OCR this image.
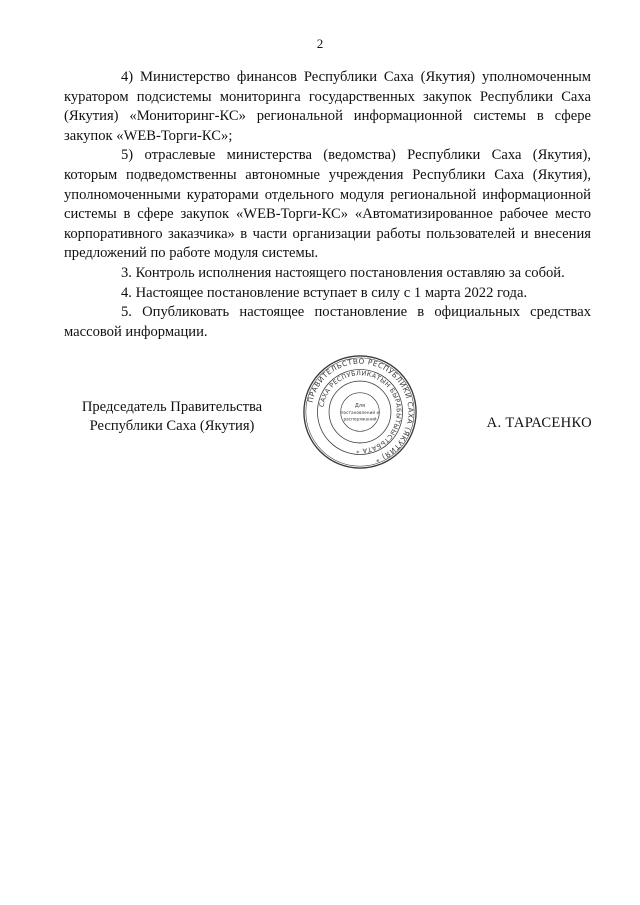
2

4) Министерство финансов Республики Саха (Якутия) уполномоченным куратором подсистемы мониторинга государственных закупок Республики Саха (Якутия) «Мониторинг-КС» региональной информационной системы в сфере закупок «WEB-Торги-КС»;

5) отраслевые министерства (ведомства) Республики Саха (Якутия), которым подведомственны автономные учреждения Республики Саха (Якутия), уполномоченными кураторами отдельного модуля региональной информационной системы в сфере закупок «WEB-Торги-КС» «Автоматизированное рабочее место корпоративного заказчика» в части организации работы пользователей и внесения предложений по работе модуля системы.

3. Контроль исполнения настоящего постановления оставляю за собой.

4. Настоящее постановление вступает в силу с 1 марта 2022 года.

5. Опубликовать настоящее постановление в официальных средствах массовой информации.

Председатель Правительства
Республики Саха (Якутия)
ПРАВИТЕЛЬСТВО РЕСПУБЛИКИ САХА (ЯКУТИЯ) *
САХА РЕСПУБЛИКАТЫН БЫРАБЫТЫЫСТЬБАТА *
Для
постановлений и
распоряжений	А. ТАРАСЕНКО
